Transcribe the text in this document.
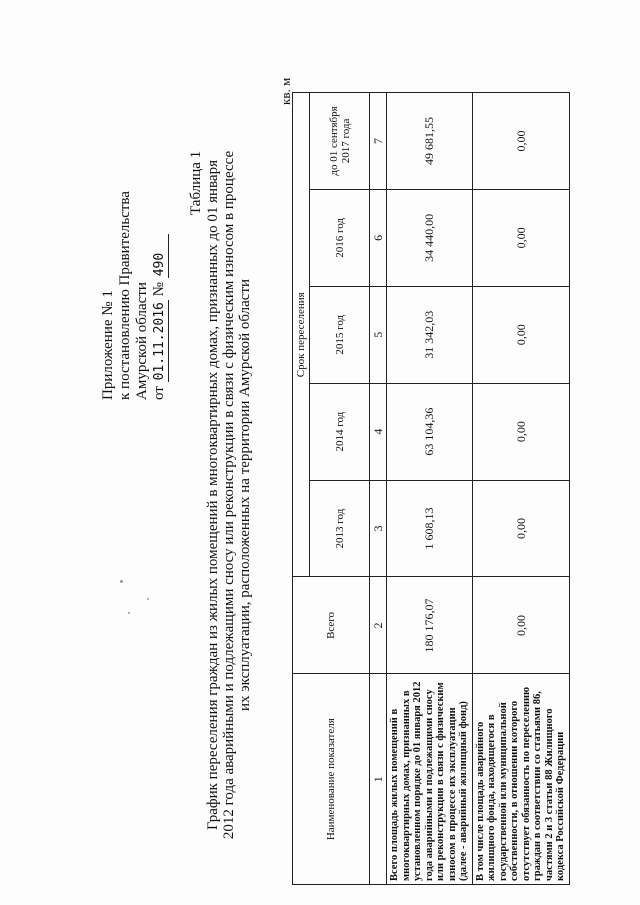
Приложение № 1 к постановлению Правительства Амурской области от 01.11.2016 № 490
Таблица 1 График переселения граждан из жилых помещений в многоквартирных домах, признанных до 01 января 2012 года аварийными и подлежащими сносу или реконструкции в связи с физическим износом в процессе их эксплуатации, расположенных на территории Амурской области
кв. м
Наименование показателя	Всего	Срок переселения				
		2013 год	2014 год	2015 год	2016 год	до 01 сентября 2017 года
1	2	3	4	5	6	7
Всего площадь жилых помещений в многоквартирных домах, признанных в установленном порядке до 01 января 2012 года аварийными и подлежащими сносу или реконструкции в связи с физическим износом в процессе их эксплуатации (далее - аварийный жилищный фонд)	180 176,07	1 608,13	63 104,36	31 342,03	34 440,00	49 681,55
В том числе площадь аварийного жилищного фонда, находящегося в государственной или муниципальной собственности, в отношении которого отсутствует обязанность по переселению граждан в соответствии со статьями 86, частями 2 и 3 статьи 88 Жилищного кодекса Российской Федерации	0,00	0,00	0,00	0,00	0,00	0,00
